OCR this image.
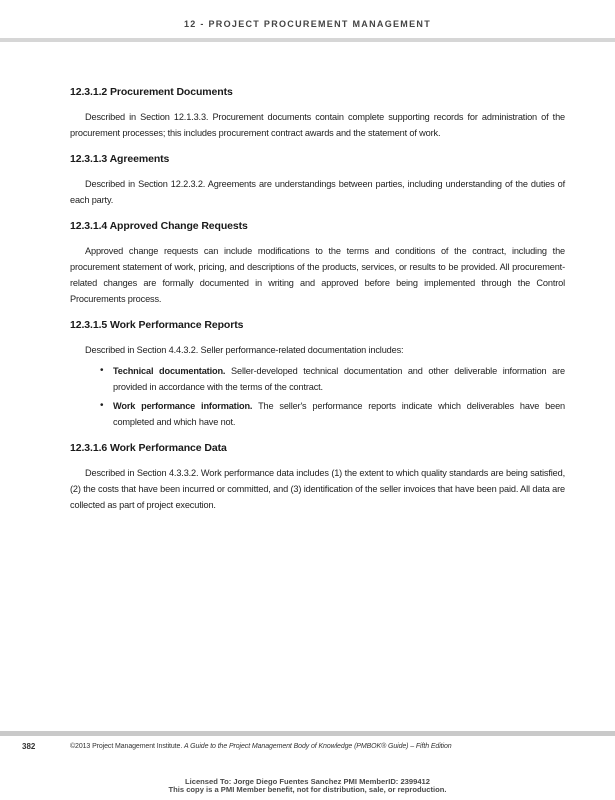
12 - PROJECT PROCUREMENT MANAGEMENT
12.3.1.2 Procurement Documents

Described in Section 12.1.3.3. Procurement documents contain complete supporting records for administration of the procurement processes; this includes procurement contract awards and the statement of work.

12.3.1.3 Agreements

Described in Section 12.2.3.2. Agreements are understandings between parties, including understanding of the duties of each party.

12.3.1.4 Approved Change Requests

Approved change requests can include modifications to the terms and conditions of the contract, including the procurement statement of work, pricing, and descriptions of the products, services, or results to be provided. All procurement-related changes are formally documented in writing and approved before being implemented through the Control Procurements process.

12.3.1.5 Work Performance Reports

Described in Section 4.4.3.2. Seller performance-related documentation includes:

• Technical documentation. Seller-developed technical documentation and other deliverable information are provided in accordance with the terms of the contract.
• Work performance information. The seller's performance reports indicate which deliverables have been completed and which have not.
12.3.1.6 Work Performance Data

Described in Section 4.3.3.2. Work performance data includes (1) the extent to which quality standards are being satisfied, (2) the costs that have been incurred or committed, and (3) identification of the seller invoices that have been paid. All data are collected as part of project execution.

382	©2013 Project Management Institute. A Guide to the Project Management Body of Knowledge (PMBOK® Guide) – Fifth Edition
Licensed To: Jorge Diego Fuentes Sanchez PMI MemberID: 2399412
This copy is a PMI Member benefit, not for distribution, sale, or reproduction.
